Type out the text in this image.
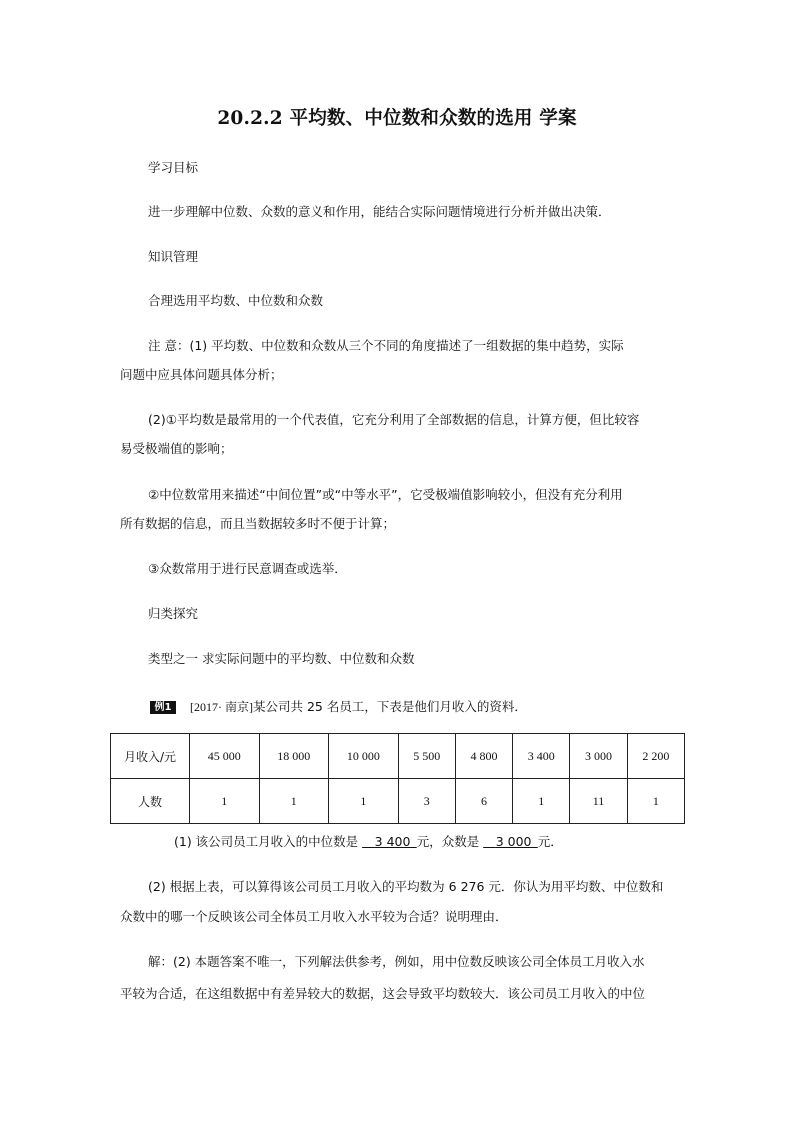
20.2.2 平均数、中位数和众数的选用 学案
学习目标
进一步理解中位数、众数的意义和作用，能结合实际问题情境进行分析并做出决策．
知识管理
合理选用平均数、中位数和众数
注 意：(1) 平均数、中位数和众数从三个不同的角度描述了一组数据的集中趋势，实际
问题中应具体问题具体分析；
(2)①平均数是最常用的一个代表值，它充分利用了全部数据的信息，计算方便，但比较容
易受极端值的影响；
②中位数常用来描述“中间位置”或“中等水平”，它受极端值影响较小，但没有充分利用
所有数据的信息，而且当数据较多时不便于计算；
③众数常用于进行民意调查或选举．
归类探究
类型之一 求实际问题中的平均数、中位数和众数
例1	[2017· 南京]某公司共 25 名员工，下表是他们月收入的资料．
月收入/元	45 000	18 000	10 000	5 500	4 800	3 400	3 000	2 200
人数	1	1	1	3	6	1	11	1
(1) 该公司员工月收入的中位数是  3 400  元，众数是  3 000  元．
(2) 根据上表，可以算得该公司员工月收入的平均数为 6 276 元．你认为用平均数、中位数和
众数中的哪一个反映该公司全体员工月收入水平较为合适？说明理由．
解：(2) 本题答案不唯一，下列解法供参考，例如，用中位数反映该公司全体员工月收入水
平较为合适，在这组数据中有差异较大的数据，这会导致平均数较大．该公司员工月收入的中位
